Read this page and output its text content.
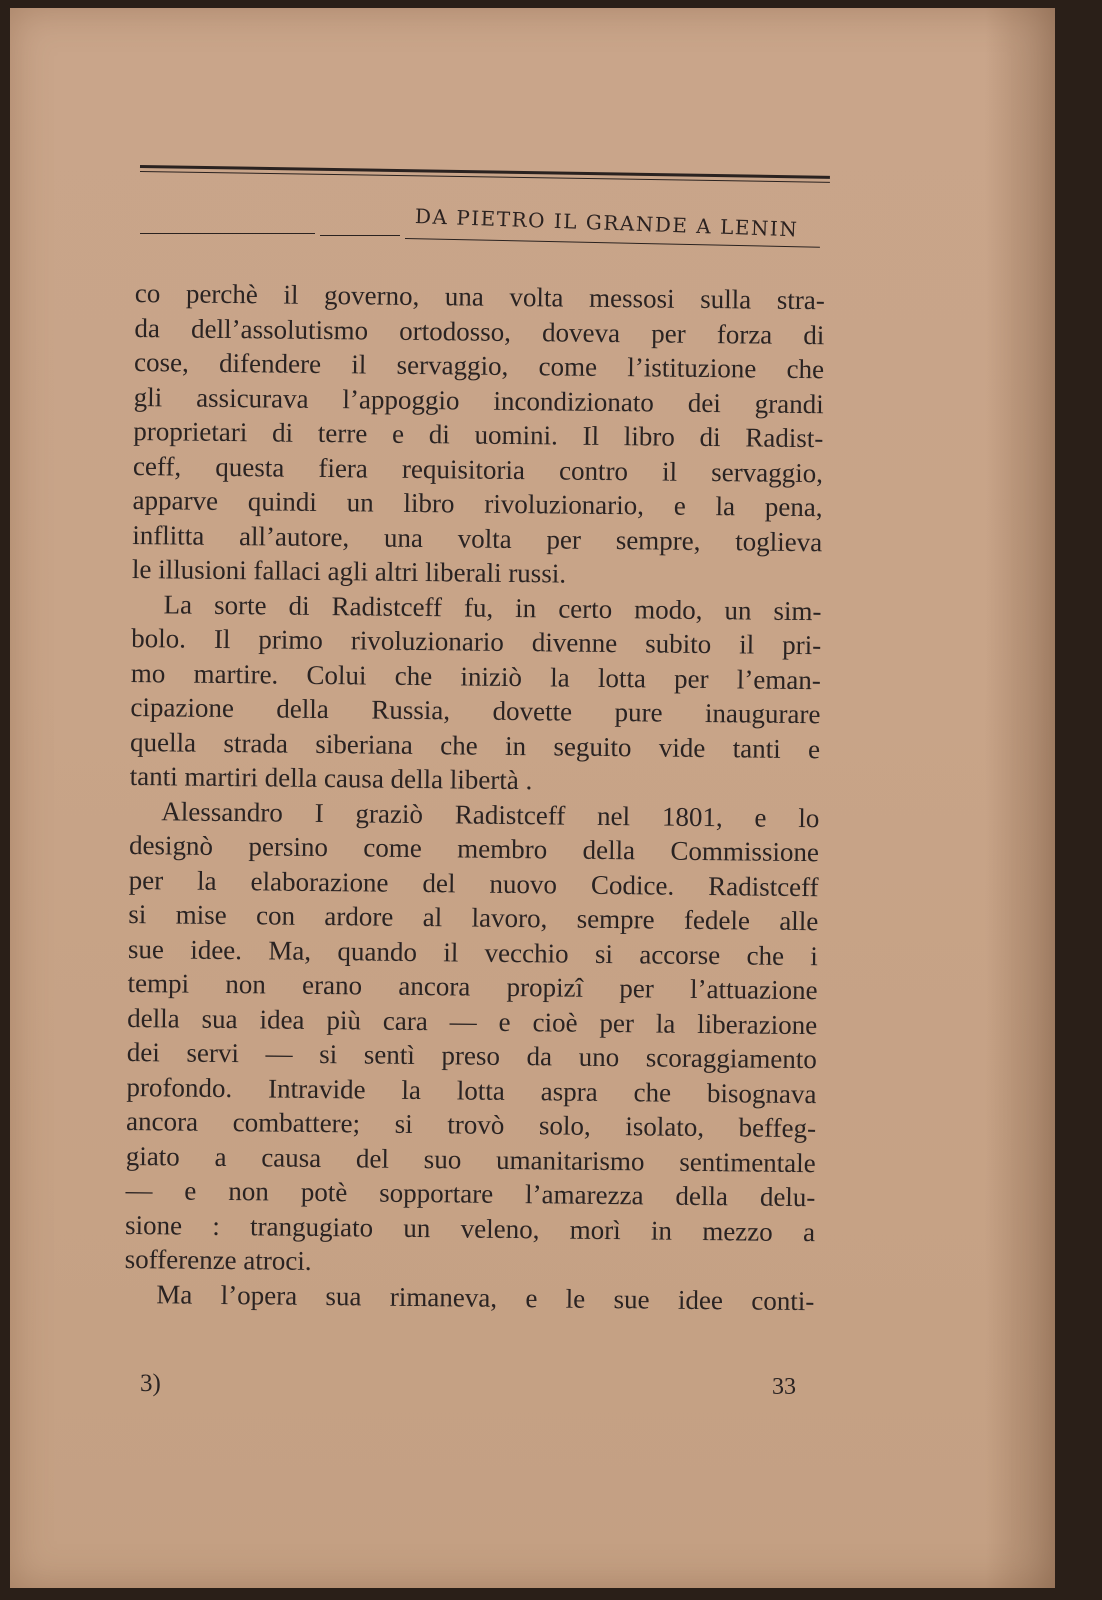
DA PIETRO IL GRANDE A LENIN
co perchè il governo, una volta messosi sulla stra-
da dell’assolutismo ortodosso, doveva per forza di
cose, difendere il servaggio, come l’istituzione che
gli assicurava l’appoggio incondizionato dei grandi
proprietari di terre e di uomini. Il libro di Radist-
ceff, questa fiera requisitoria contro il servaggio,
apparve quindi un libro rivoluzionario, e la pena,
inflitta all’autore, una volta per sempre, toglieva
le illusioni fallaci agli altri liberali russi.
La sorte di Radistceff fu, in certo modo, un sim-
bolo. Il primo rivoluzionario divenne subito il pri-
mo martire. Colui che iniziò la lotta per l’eman-
cipazione della Russia, dovette pure inaugurare
quella strada siberiana che in seguito vide tanti e
tanti martiri della causa della libertà .
Alessandro I graziò Radistceff nel 1801, e lo
designò persino come membro della Commissione
per la elaborazione del nuovo Codice. Radistceff
si mise con ardore al lavoro, sempre fedele alle
sue idee. Ma, quando il vecchio si accorse che i
tempi non erano ancora propizî per l’attuazione
della sua idea più cara — e cioè per la liberazione
dei servi — si sentì preso da uno scoraggiamento
profondo. Intravide la lotta aspra che bisognava
ancora combattere; si trovò solo, isolato, beffeg-
giato a causa del suo umanitarismo sentimentale
— e non potè sopportare l’amarezza della delu-
sione : trangugiato un veleno, morì in mezzo a
sofferenze atroci.
Ma l’opera sua rimaneva, e le sue idee conti-
3)	33
